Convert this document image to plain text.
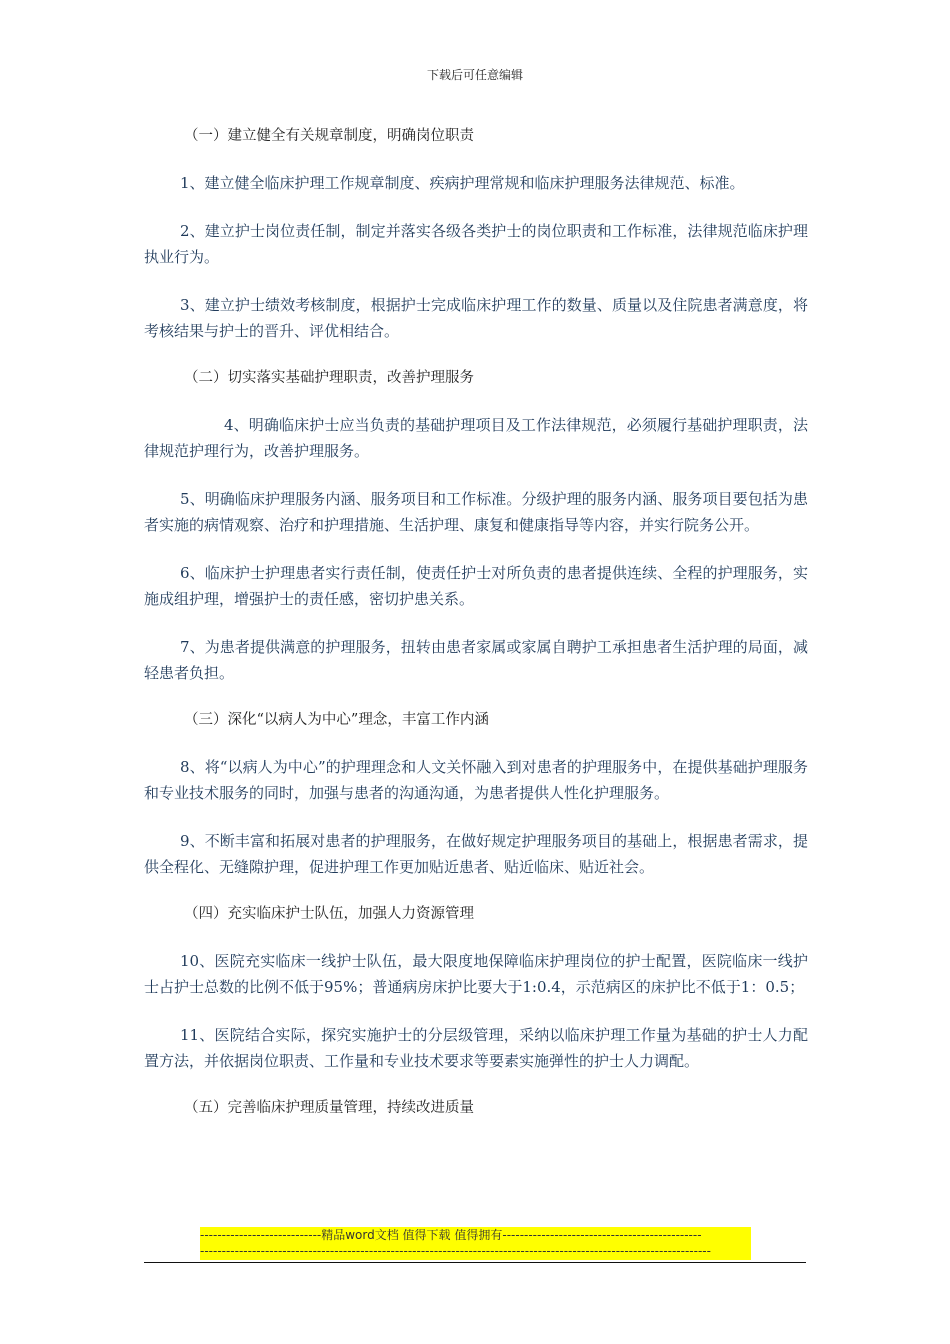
下载后可任意编辑

（一）建立健全有关规章制度，明确岗位职责

1、建立健全临床护理工作规章制度、疾病护理常规和临床护理服务法律规范、标准。

2、建立护士岗位责任制，制定并落实各级各类护士的岗位职责和工作标准，法律规范临床护理执业行为。

3、建立护士绩效考核制度，根据护士完成临床护理工作的数量、质量以及住院患者满意度，将考核结果与护士的晋升、评优相结合。

（二）切实落实基础护理职责，改善护理服务

4、明确临床护士应当负责的基础护理项目及工作法律规范，必须履行基础护理职责，法律规范护理行为，改善护理服务。

5、明确临床护理服务内涵、服务项目和工作标准。分级护理的服务内涵、服务项目要包括为患者实施的病情观察、治疗和护理措施、生活护理、康复和健康指导等内容，并实行院务公开。

6、临床护士护理患者实行责任制，使责任护士对所负责的患者提供连续、全程的护理服务，实施成组护理，增强护士的责任感，密切护患关系。

7、为患者提供满意的护理服务，扭转由患者家属或家属自聘护工承担患者生活护理的局面，减轻患者负担。

（三）深化“以病人为中心”理念，丰富工作内涵

8、将“以病人为中心”的护理理念和人文关怀融入到对患者的护理服务中，在提供基础护理服务和专业技术服务的同时，加强与患者的沟通沟通，为患者提供人性化护理服务。

9、不断丰富和拓展对患者的护理服务，在做好规定护理服务项目的基础上，根据患者需求，提供全程化、无缝隙护理，促进护理工作更加贴近患者、贴近临床、贴近社会。

（四）充实临床护士队伍，加强人力资源管理

10、医院充实临床一线护士队伍，最大限度地保障临床护理岗位的护士配置，医院临床一线护士占护士总数的比例不低于95%；普通病房床护比要大于1:0.4，示范病区的床护比不低于1：0.5；

11、医院结合实际，探究实施护士的分层级管理，采纳以临床护理工作量为基础的护士人力配置方法，并依据岗位职责、工作量和专业技术要求等要素实施弹性的护士人力调配。

（五）完善临床护理质量管理，持续改进质量

----------------------------精品word文档 值得下载 值得拥有----------------------------------------------
----------------------------------------------------------------------------------------------------------------------
